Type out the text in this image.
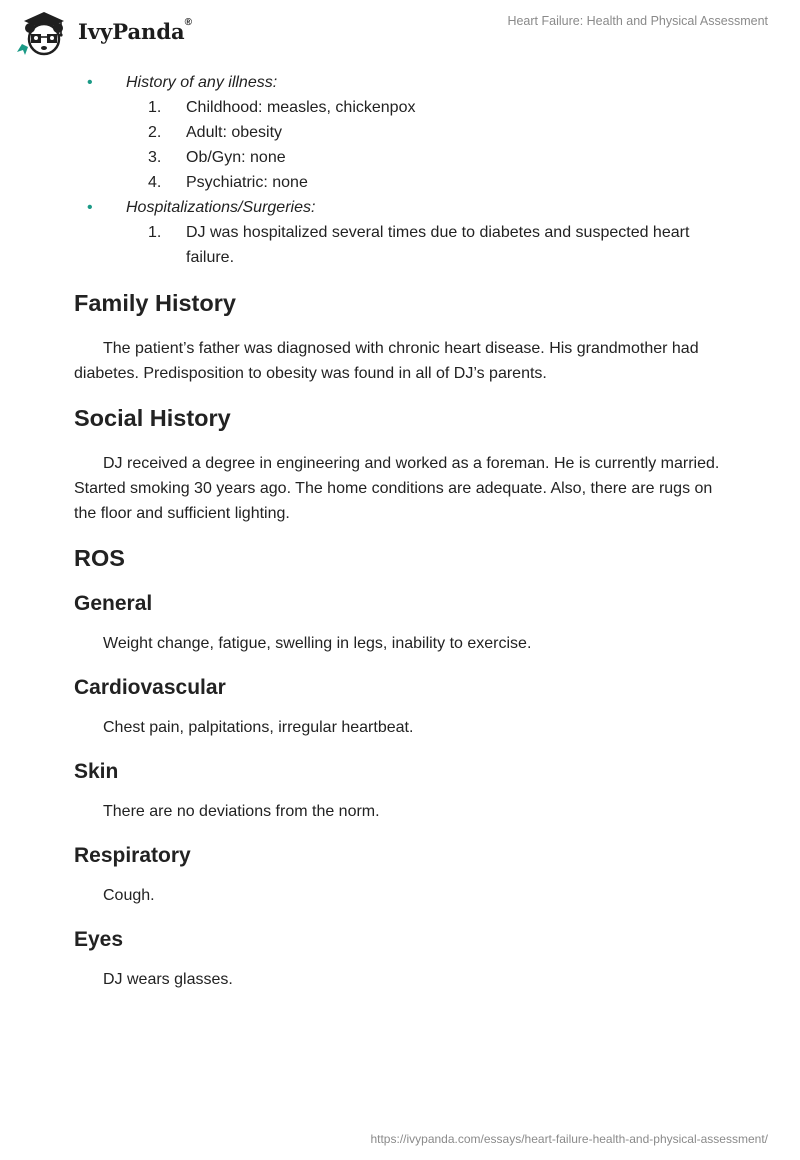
IvyPanda®	Heart Failure: Health and Physical Assessment
• History of any illness:
1. Childhood: measles, chickenpox
2. Adult: obesity
3. Ob/Gyn: none
4. Psychiatric: none
• Hospitalizations/Surgeries:
1. DJ was hospitalized several times due to diabetes and suspected heart failure.
Family History

The patient’s father was diagnosed with chronic heart disease. His grandmother had diabetes. Predisposition to obesity was found in all of DJ’s parents.

Social History

DJ received a degree in engineering and worked as a foreman. He is currently married. Started smoking 30 years ago. The home conditions are adequate. Also, there are rugs on the floor and sufficient lighting.

ROS
General

Weight change, fatigue, swelling in legs, inability to exercise.

Cardiovascular

Chest pain, palpitations, irregular heartbeat.

Skin

There are no deviations from the norm.

Respiratory

Cough.

Eyes

DJ wears glasses.

https://ivypanda.com/essays/heart-failure-health-and-physical-assessment/
